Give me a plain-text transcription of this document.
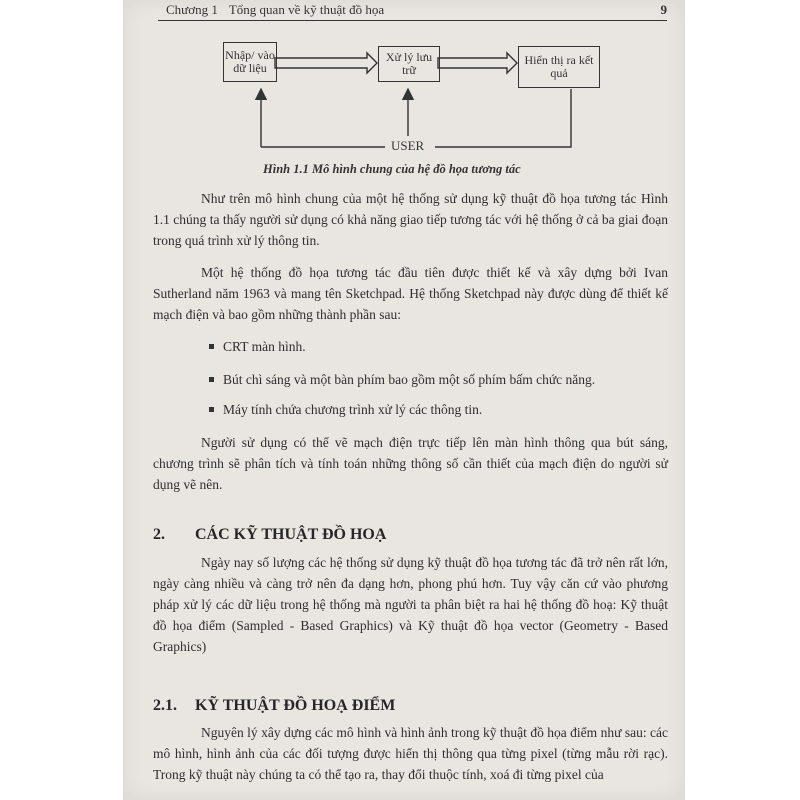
Chương 1 Tổng quan về kỹ thuật đồ họa	9
Nhập/ vào dữ liệu
Xử lý lưu trữ
Hiển thị ra kết quả
USER
Hình 1.1 Mô hình chung của hệ đồ họa tương tác
Như trên mô hình chung của một hệ thống sử dụng kỹ thuật đồ họa tương tác Hình 1.1 chúng ta thấy người sử dụng có khả năng giao tiếp tương tác với hệ thống ở cả ba giai đoạn trong quá trình xử lý thông tin.
Một hệ thống đồ họa tương tác đầu tiên được thiết kế và xây dựng bởi Ivan Sutherland năm 1963 và mang tên Sketchpad. Hệ thống Sketchpad này được dùng để thiết kế mạch điện và bao gồm những thành phần sau:
CRT màn hình.
Bút chì sáng và một bàn phím bao gồm một số phím bấm chức năng.
Máy tính chứa chương trình xử lý các thông tin.
Người sử dụng có thể vẽ mạch điện trực tiếp lên màn hình thông qua bút sáng, chương trình sẽ phân tích và tính toán những thông số cần thiết của mạch điện do người sử dụng vẽ nên.
2. CÁC KỸ THUẬT ĐỒ HOẠ
Ngày nay số lượng các hệ thống sử dụng kỹ thuật đồ họa tương tác đã trở nên rất lớn, ngày càng nhiều và càng trở nên đa dạng hơn, phong phú hơn. Tuy vậy căn cứ vào phương pháp xử lý các dữ liệu trong hệ thống mà người ta phân biệt ra hai hệ thống đồ hoạ: Kỹ thuật đồ họa điểm (Sampled - Based Graphics) và Kỹ thuật đồ họa vector (Geometry - Based Graphics)
2.1. KỸ THUẬT ĐỒ HOẠ ĐIỂM
Nguyên lý xây dựng các mô hình và hình ảnh trong kỹ thuật đồ họa điểm như sau: các mô hình, hình ảnh của các đối tượng được hiển thị thông qua từng pixel (từng mẫu rời rạc). Trong kỹ thuật này chúng ta có thể tạo ra, thay đổi thuộc tính, xoá đi từng pixel của
